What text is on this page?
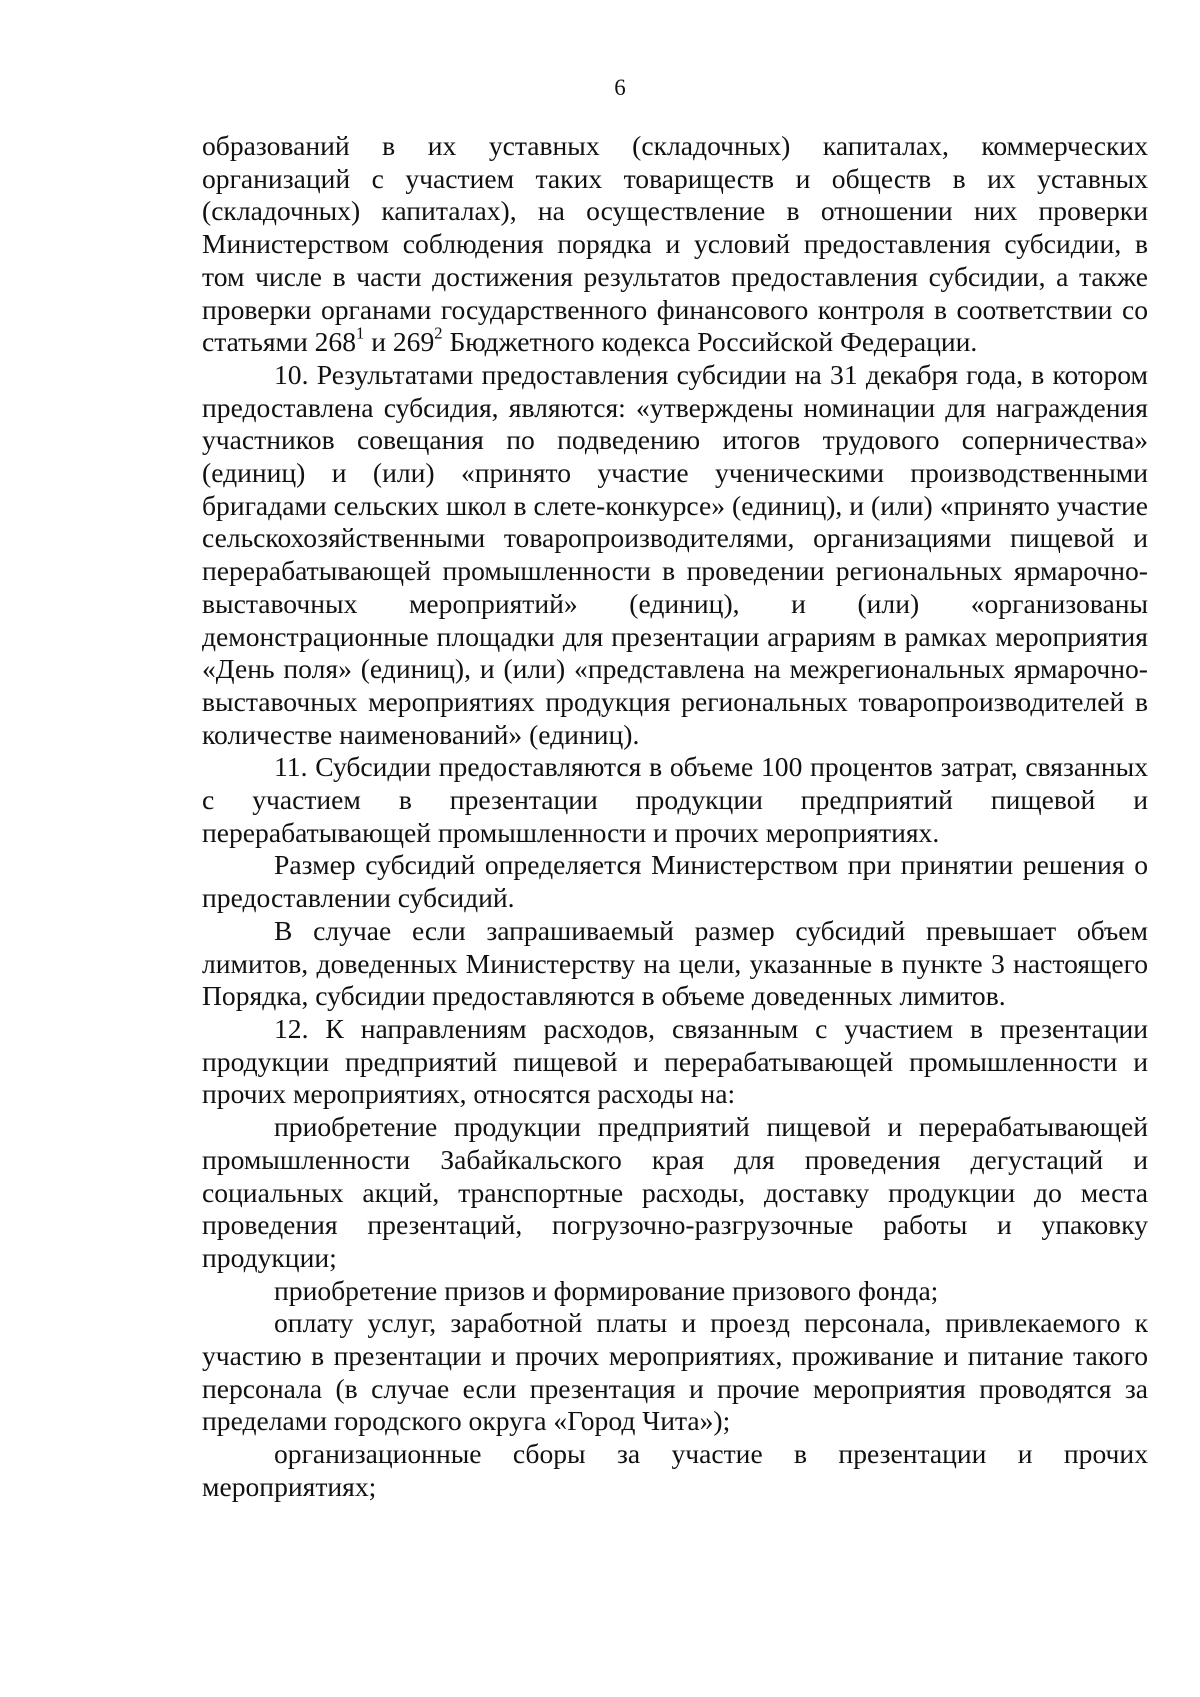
6

образований в их уставных (складочных) капиталах, коммерческих организаций с участием таких товариществ и обществ в их уставных (складочных) капиталах), на осуществление в отношении них проверки Министерством соблюдения порядка и условий предоставления субсидии, в том числе в части достижения результатов предоставления субсидии, а также проверки органами государственного финансового контроля в соответствии со статьями $268^1$ и $269^2$ Бюджетного кодекса Российской Федерации.

10. Результатами предоставления субсидии на 31 декабря года, в котором предоставлена субсидия, являются: «утверждены номинации для награждения участников совещания по подведению итогов трудового соперничества» (единиц) и (или) «принято участие ученическими производственными бригадами сельских школ в слете-конкурсе» (единиц), и (или) «принято участие сельскохозяйственными товаропроизводителями, организациями пищевой и перерабатывающей промышленности в проведении региональных ярмарочно-выставочных мероприятий» (единиц), и (или) «организованы демонстрационные площадки для презентации аграриям в рамках мероприятия «День поля» (единиц), и (или) «представлена на межрегиональных ярмарочно-выставочных мероприятиях продукция региональных товаропроизводителей в количестве наименований» (единиц).

11. Субсидии предоставляются в объеме 100 процентов затрат, связанных с участием в презентации продукции предприятий пищевой и перерабатывающей промышленности и прочих мероприятиях.

Размер субсидий определяется Министерством при принятии решения о предоставлении субсидий.

В случае если запрашиваемый размер субсидий превышает объем лимитов, доведенных Министерству на цели, указанные в пункте 3 настоящего Порядка, субсидии предоставляются в объеме доведенных лимитов.

12. К направлениям расходов, связанным с участием в презентации продукции предприятий пищевой и перерабатывающей промышленности и прочих мероприятиях, относятся расходы на:

приобретение продукции предприятий пищевой и перерабатывающей промышленности Забайкальского края для проведения дегустаций и социальных акций, транспортные расходы, доставку продукции до места проведения презентаций, погрузочно-разгрузочные работы и упаковку продукции;

приобретение призов и формирование призового фонда;

оплату услуг, заработной платы и проезд персонала, привлекаемого к участию в презентации и прочих мероприятиях, проживание и питание такого персонала (в случае если презентация и прочие мероприятия проводятся за пределами городского округа «Город Чита»);

организационные сборы за участие в презентации и прочих мероприятиях;
